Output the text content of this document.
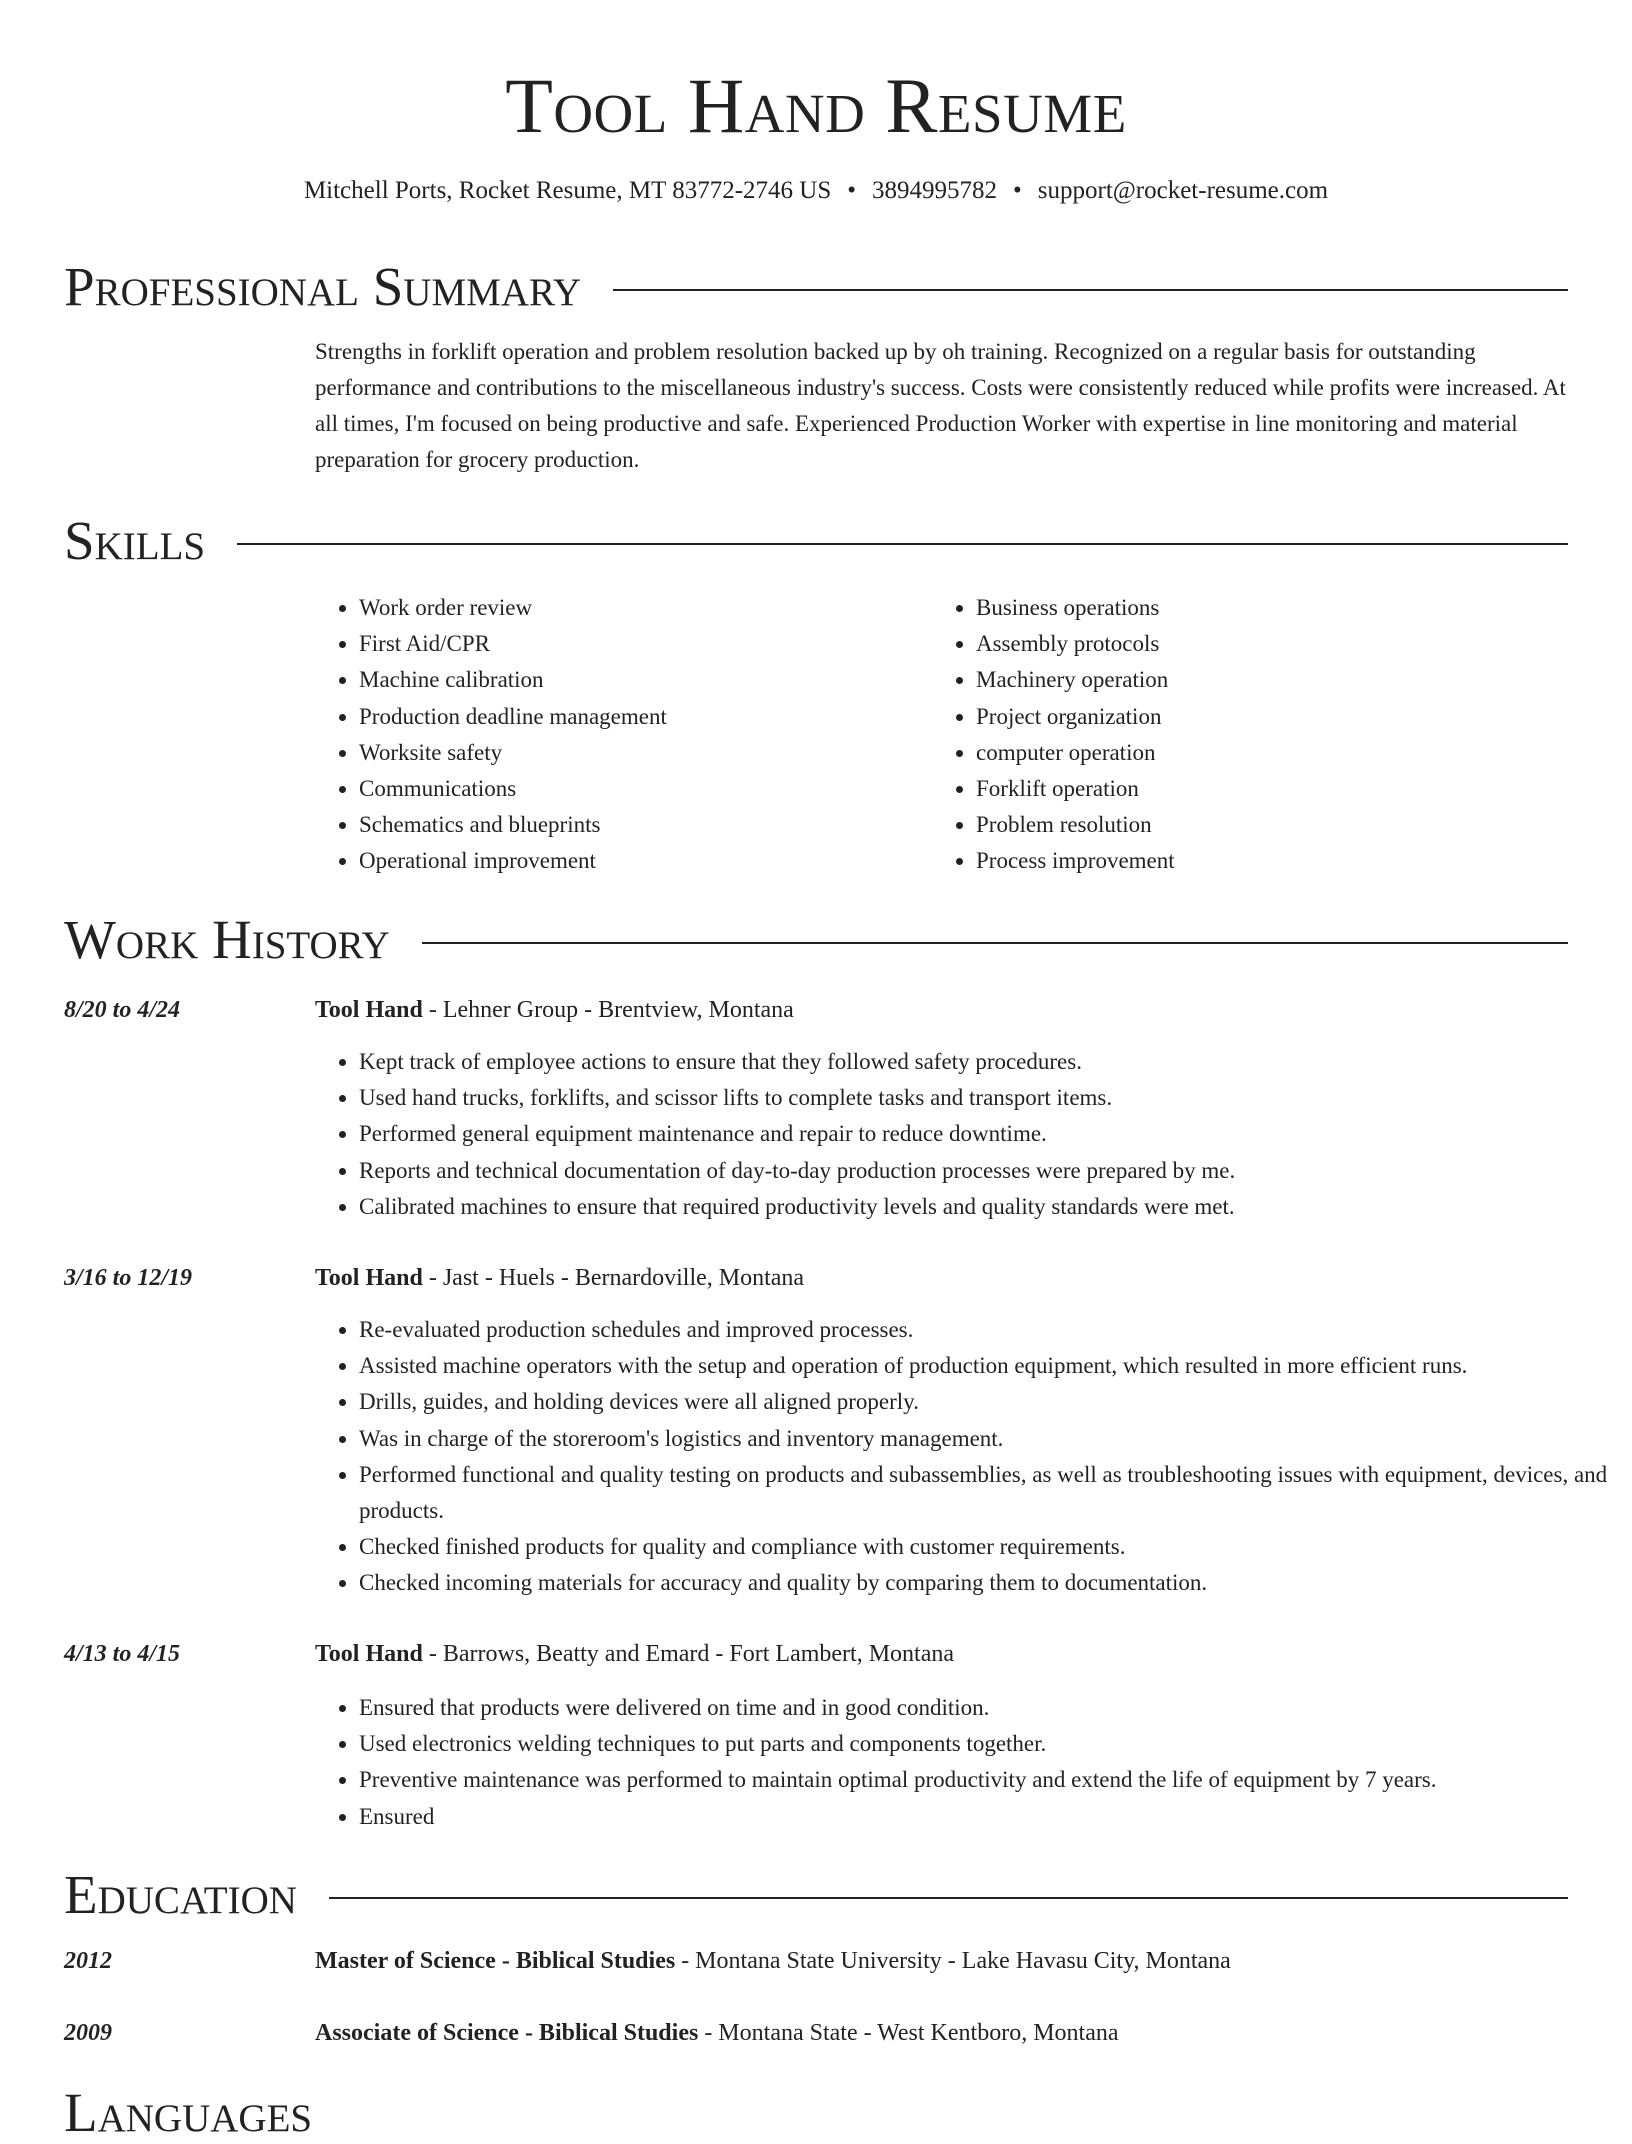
Tool Hand Resume
Mitchell Ports, Rocket Resume, MT 83772-2746 US • 3894995782 • support@rocket-resume.com
Professional Summary
Strengths in forklift operation and problem resolution backed up by oh training. Recognized on a regular basis for outstanding performance and contributions to the miscellaneous industry's success. Costs were consistently reduced while profits were increased. At all times, I'm focused on being productive and safe. Experienced Production Worker with expertise in line monitoring and material preparation for grocery production.
Skills
• Work order review
• First Aid/CPR
• Machine calibration
• Production deadline management
• Worksite safety
• Communications
• Schematics and blueprints
• Operational improvement
• Business operations
• Assembly protocols
• Machinery operation
• Project organization
• computer operation
• Forklift operation
• Problem resolution
• Process improvement
Work History
8/20 to 4/24	Tool Hand - Lehner Group - Brentview, Montana
• Kept track of employee actions to ensure that they followed safety procedures.
• Used hand trucks, forklifts, and scissor lifts to complete tasks and transport items.
• Performed general equipment maintenance and repair to reduce downtime.
• Reports and technical documentation of day-to-day production processes were prepared by me.
• Calibrated machines to ensure that required productivity levels and quality standards were met.
3/16 to 12/19	Tool Hand - Jast - Huels - Bernardoville, Montana
• Re-evaluated production schedules and improved processes.
• Assisted machine operators with the setup and operation of production equipment, which resulted in more efficient runs.
• Drills, guides, and holding devices were all aligned properly.
• Was in charge of the storeroom's logistics and inventory management.
• Performed functional and quality testing on products and subassemblies, as well as troubleshooting issues with equipment, devices, and products.
• Checked finished products for quality and compliance with customer requirements.
• Checked incoming materials for accuracy and quality by comparing them to documentation.
4/13 to 4/15	Tool Hand - Barrows, Beatty and Emard - Fort Lambert, Montana
• Ensured that products were delivered on time and in good condition.
• Used electronics welding techniques to put parts and components together.
• Preventive maintenance was performed to maintain optimal productivity and extend the life of equipment by 7 years.
• Ensured
Education
2012	Master of Science - Biblical Studies - Montana State University - Lake Havasu City, Montana
2009	Associate of Science - Biblical Studies - Montana State - West Kentboro, Montana
Languages
